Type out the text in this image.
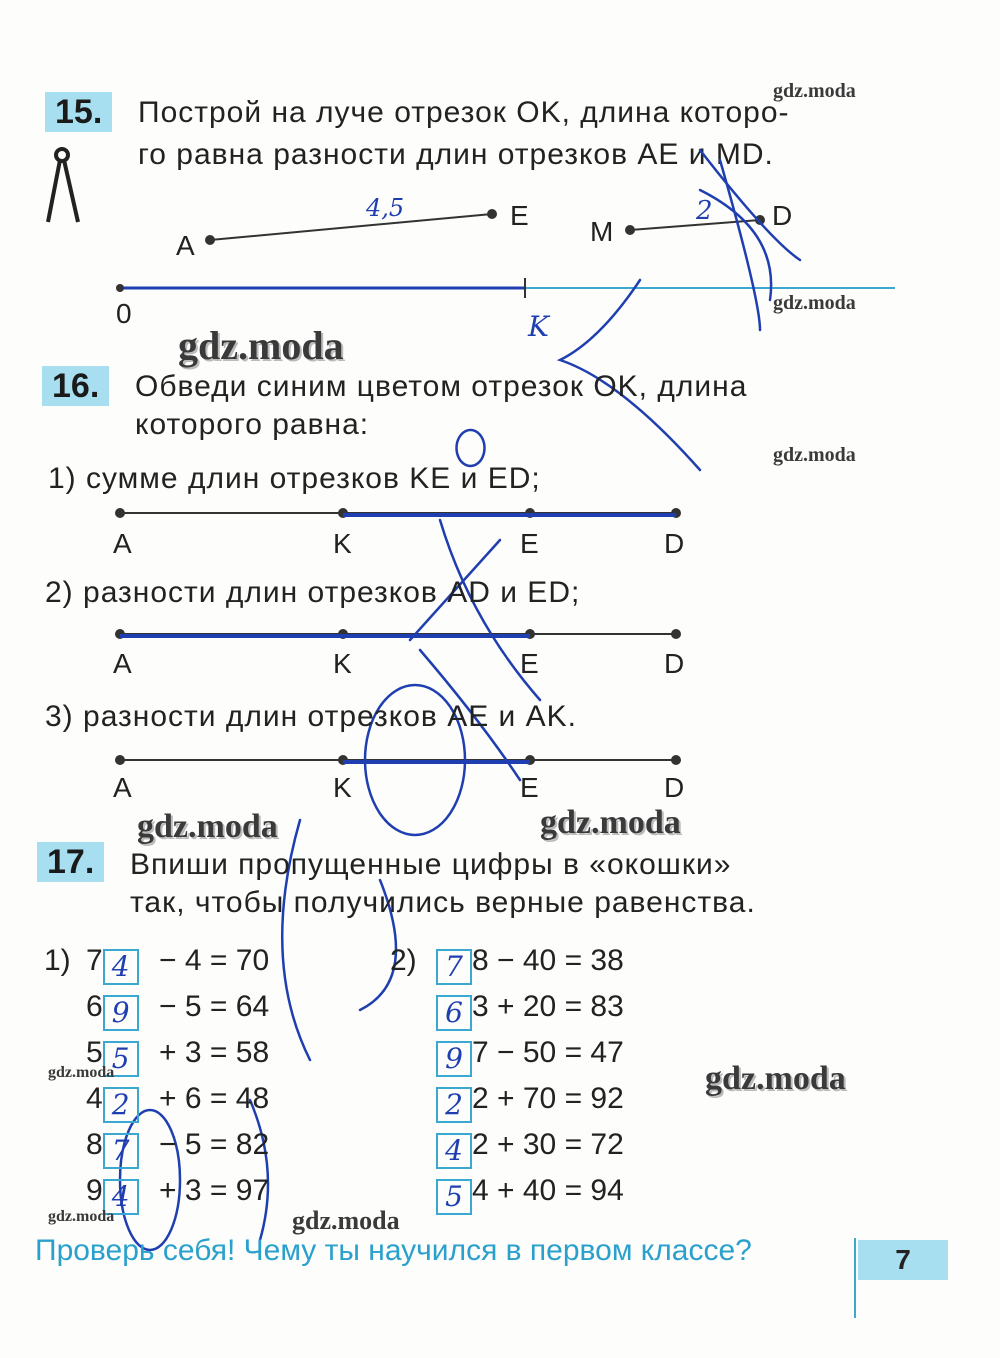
15.	Построй на луче отрезок OK, длина которо-
го равна разности длин отрезков AE и MD.
A
E
M
D
0	K
4,5	2
gdz.moda
gdz.moda
gdz.moda
gdz.moda
16.	Обведи синим цветом отрезок OK, длина
которого равна:
1) сумме длин отрезков KE и ED;
2) разности длин отрезков AD и ED;
3) разности длин отрезков AE и AK.
A	K	E	D
A	K	E	D
A	K	E	D
gdz.moda	gdz.moda
17.	Впиши пропущенные цифры в «окошки»
так, чтобы получились верные равенства.
1)	2)
7 4 − 4 = 70
6 9 − 5 = 64
5 5 + 3 = 58
4 2 + 6 = 48
8 7 − 5 = 82
9 4 + 3 = 97
7 8 − 40 = 38
6 3 + 20 = 83
9 7 − 50 = 47
2 2 + 70 = 92
4 2 + 30 = 72
5 4 + 40 = 94
gdz.moda	gdz.moda
gdz.moda	gdz.moda
Проверь себя! Чему ты научился в первом классе?	7
